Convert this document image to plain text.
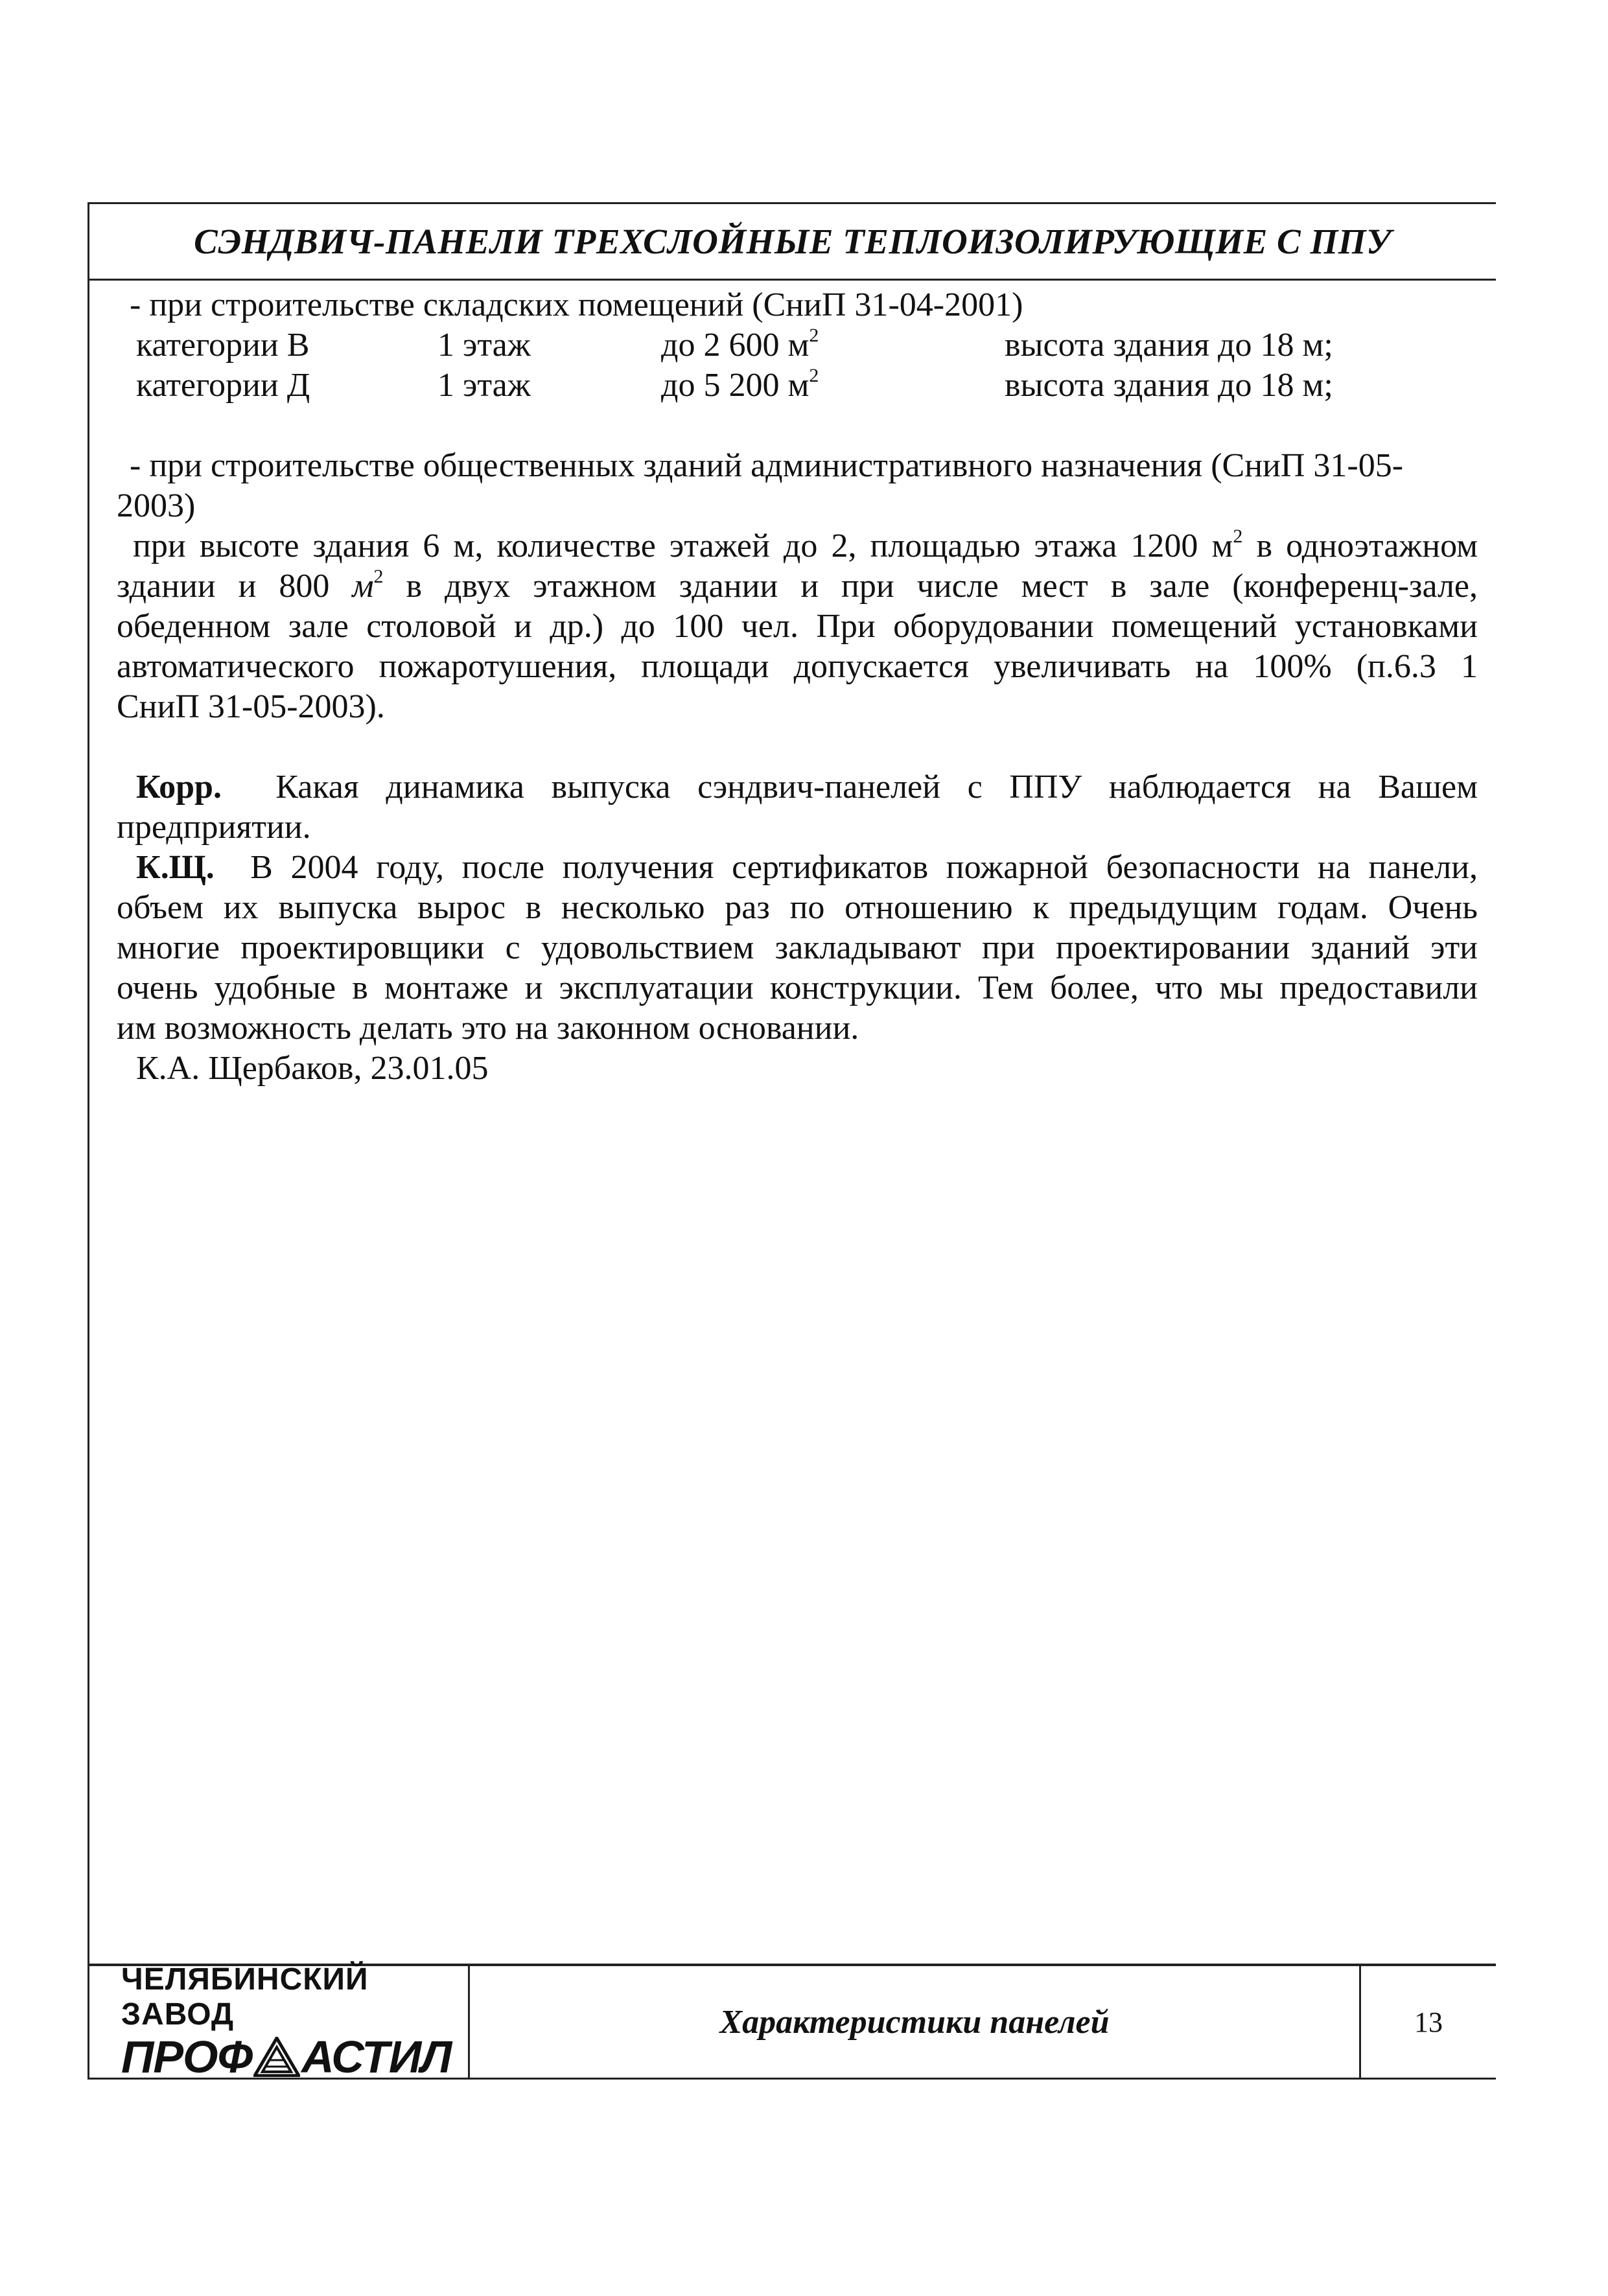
СЭНДВИЧ-ПАНЕЛИ ТРЕХСЛОЙНЫЕ ТЕПЛОИЗОЛИРУЮЩИЕ С ППУ
- при строительстве складских помещений (СниП 31-04-2001)
категории В	1 этаж	до 2 600 $м^2$	высота здания до 18 м;
категории Д	1 этаж	до 5 200 $м^2$	высота здания до 18 м;
- при строительстве общественных зданий административного назначения (СниП 31-05-
2003)
при высоте здания 6 м, количестве этажей до 2, площадью этажа 1200 $м^2$ в одноэтажном
здании и 800 $м^2$ в двух этажном здании и при числе мест в зале (конференц-зале,
обеденном зале столовой и др.) до 100 чел. При оборудовании помещений установками
автоматического пожаротушения, площади допускается увеличивать на 100% (п.6.3 1
СниП 31-05-2003).
Корр. Какая динамика выпуска сэндвич-панелей с ППУ наблюдается на Вашем
предприятии.
К.Щ. В 2004 году, после получения сертификатов пожарной безопасности на панели,
объем их выпуска вырос в несколько раз по отношению к предыдущим годам. Очень
многие проектировщики с удовольствием закладывают при проектировании зданий эти
очень удобные в монтаже и эксплуатации конструкции. Тем более, что мы предоставили
им возможность делать это на законном основании.
К.А. Щербаков, 23.01.05
ЧЕЛЯБИНСКИЙ ЗАВОД
ПРОФ АСТИЛ
Характеристики панелей	13
